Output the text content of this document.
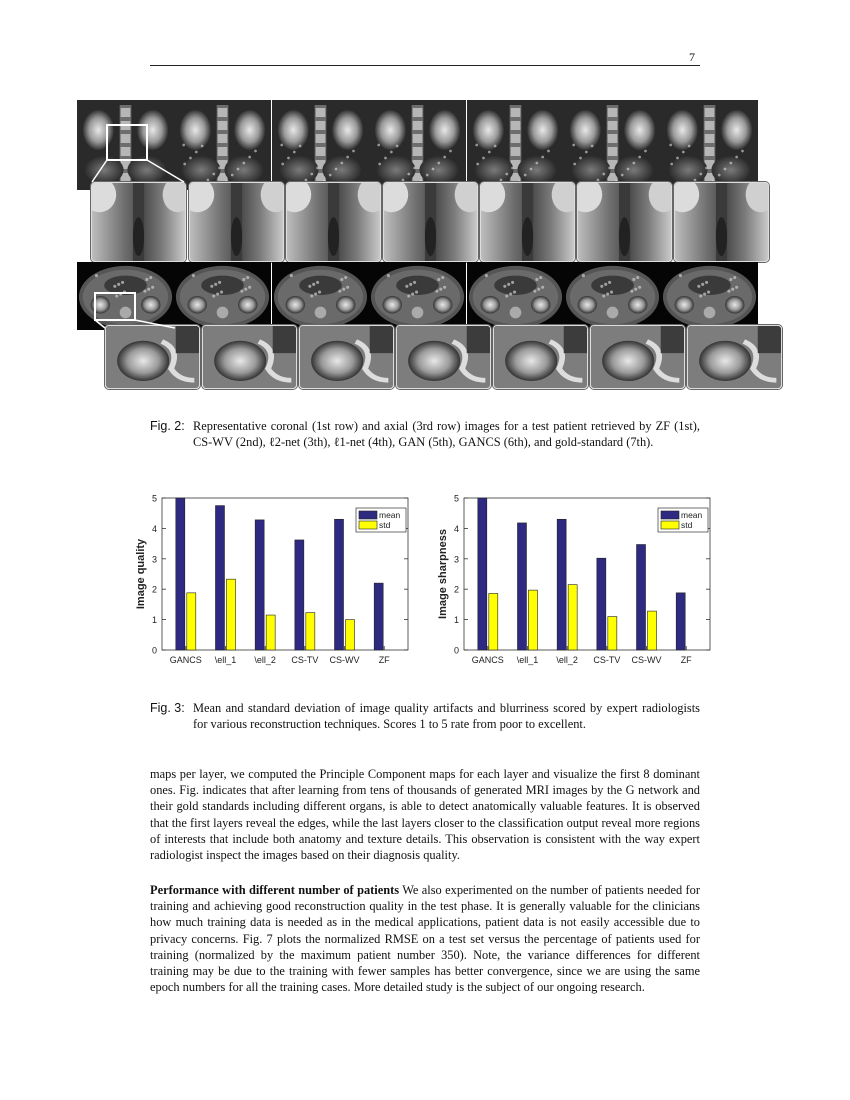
7
Fig. 2: Representative coronal (1st row) and axial (3rd row) images for a test patient retrieved by ZF (1st), CS-WV (2nd), ℓ2-net (3th), ℓ1-net (4th), GAN (5th), GANCS (6th), and gold-standard (7th).
0
1
2
3
4
5
Image quality
GANCS \ell_1 \ell_2 CS-TV CS-WV ZF
mean
std
0
1
2
3
4
5
Image sharpness
GANCS \ell_1 \ell_2 CS-TV CS-WV ZF
mean
std
Fig. 3: Mean and standard deviation of image quality artifacts and blurriness scored by expert radiologists for various reconstruction techniques. Scores 1 to 5 rate from poor to excellent.
maps per layer, we computed the Principle Component maps for each layer and visualize the first 8 dominant ones. Fig. indicates that after learning from tens of thousands of generated MRI images by the G network and their gold standards including different organs, is able to detect anatomically valuable features. It is observed that the first layers reveal the edges, while the last layers closer to the classification output reveal more regions of interests that include both anatomy and texture details. This observation is consistent with the way expert radiologist inspect the images based on their diagnosis quality.
Performance with different number of patients We also experimented on the number of patients needed for training and achieving good reconstruction quality in the test phase. It is generally valuable for the clinicians how much training data is needed as in the medical applications, patient data is not easily accessible due to privacy concerns. Fig. 7 plots the normalized RMSE on a test set versus the percentage of patients used for training (normalized by the maximum patient number 350). Note, the variance differences for different training may be due to the training with fewer samples has better convergence, since we are using the same epoch numbers for all the training cases. More detailed study is the subject of our ongoing research.
